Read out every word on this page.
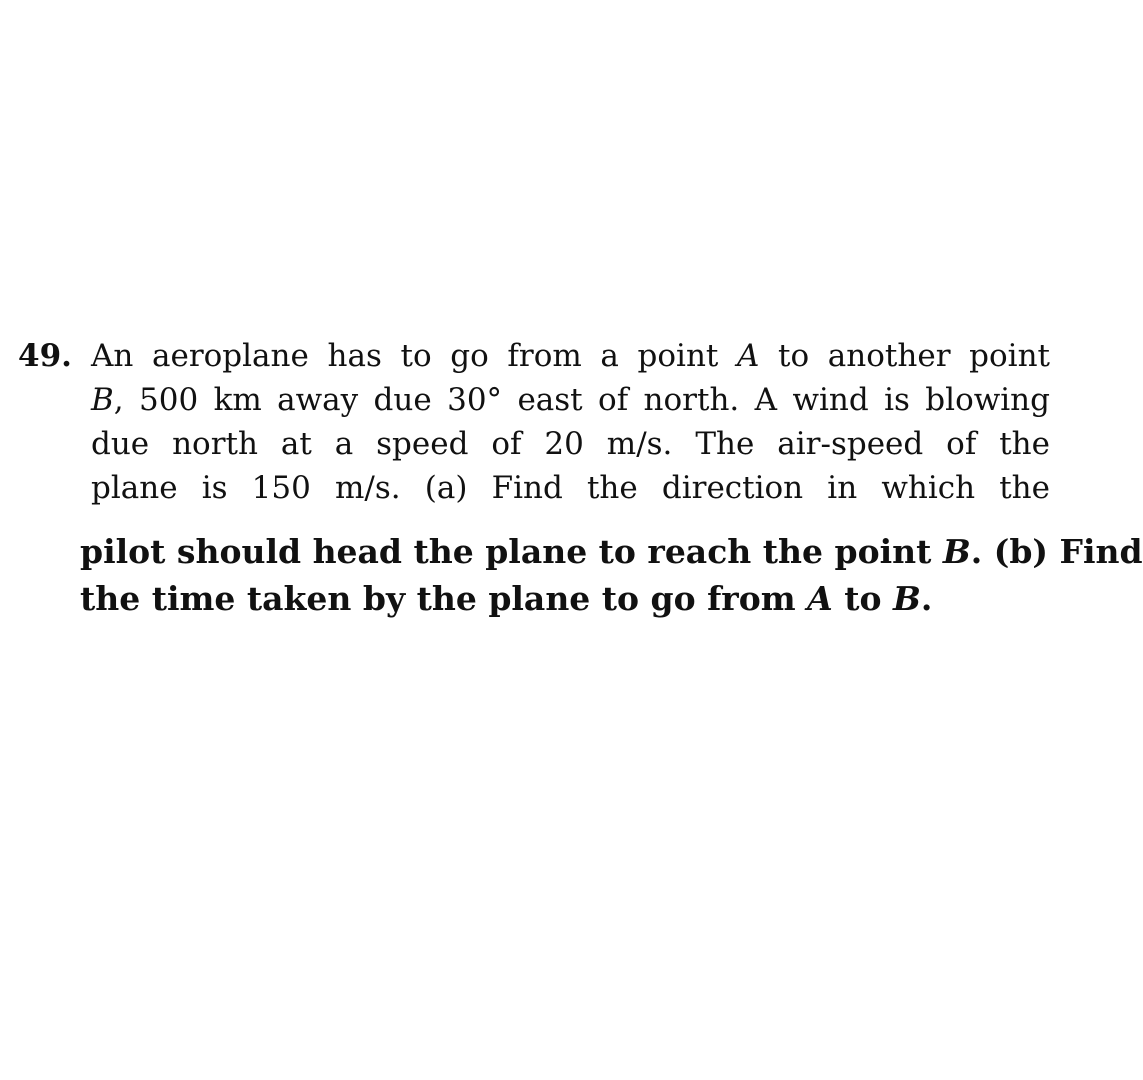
49. An aeroplane has to go from a point A to another point
B, 500 km away due 30° east of north. A wind is blowing
due north at a speed of 20 m/s. The air-speed of the
plane is 150 m/s. (a) Find the direction in which the
pilot should head the plane to reach the point B. (b) Find
the time taken by the plane to go from A to B.
